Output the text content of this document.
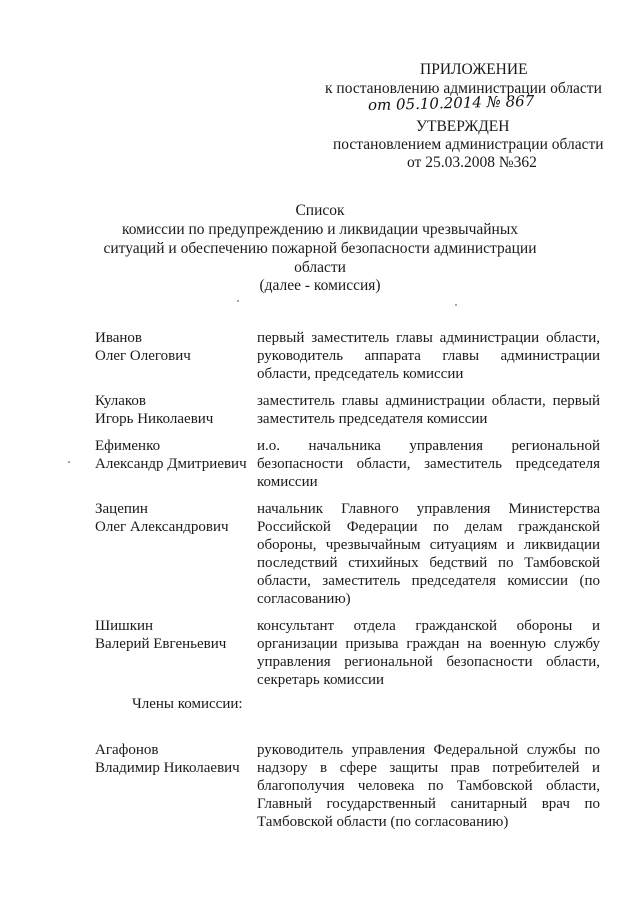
ПРИЛОЖЕНИЕ
к постановлению администрации области
от 05.10.2014 № 867
УТВЕРЖДЕН
постановлением администрации области
от 25.03.2008 №362
Список
комиссии по предупреждению и ликвидации чрезвычайных
ситуаций и обеспечению пожарной безопасности администрации
области
(далее - комиссия)
Иванов
Олег Олегович
первый заместитель главы администрации области,
руководитель аппарата главы администрации
области, председатель комиссии
Кулаков
Игорь Николаевич
заместитель главы администрации области, первый
заместитель председателя комиссии
Ефименко
Александр Дмитриевич
и.о. начальника управления региональной
безопасности области, заместитель председателя
комиссии
Зацепин
Олег Александрович
начальник Главного управления Министерства
Российской Федерации по делам гражданской
обороны, чрезвычайным ситуациям и ликвидации
последствий стихийных бедствий по Тамбовской
области, заместитель председателя комиссии (по
согласованию)
Шишкин
Валерий Евгеньевич
консультант отдела гражданской обороны и
организации призыва граждан на военную службу
управления региональной безопасности области,
секретарь комиссии
Члены комиссии:
Агафонов
Владимир Николаевич
руководитель управления Федеральной службы по
надзору в сфере защиты прав потребителей и
благополучия человека по Тамбовской области,
Главный государственный санитарный врач по
Тамбовской области (по согласованию)
